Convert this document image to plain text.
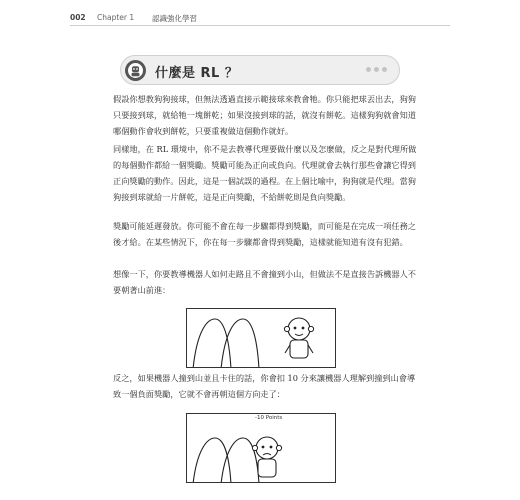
002 Chapter 1 認識強化學習
什麼是 RL ？

假設你想教狗狗接球，但無法透過直接示範接球來教會牠。你只能把球丟出去，狗狗只要接到球，就給牠一塊餅乾；如果沒接到球的話，就沒有餅乾。這樣狗狗就會知道哪個動作會收到餅乾，只要重複做這個動作就好。

同樣地，在 RL 環境中，你不是去教導代理要做什麼以及怎麼做，反之是對代理所做的每個動作都給一個獎勵。獎勵可能為正向或負向。代理就會去執行那些會讓它得到正向獎勵的動作。因此，這是一個試誤的過程。在上個比喻中，狗狗就是代理。當狗狗接到球就給一片餅乾，這是正向獎勵，不給餅乾則是負向獎勵。

獎勵可能延遲發放。你可能不會在每一步驟都得到獎勵，而可能是在完成一項任務之後才給。在某些情況下，你在每一步驟都會得到獎勵，這樣就能知道有沒有犯錯。

想像一下，你要教導機器人如何走路且不會撞到小山，但做法不是直接告訴機器人不要朝著山前進：

反之，如果機器人撞到山並且卡住的話，你會扣 10 分來讓機器人理解到撞到山會導致一個負面獎勵，它就不會再朝這個方向走了：

-10 Points
